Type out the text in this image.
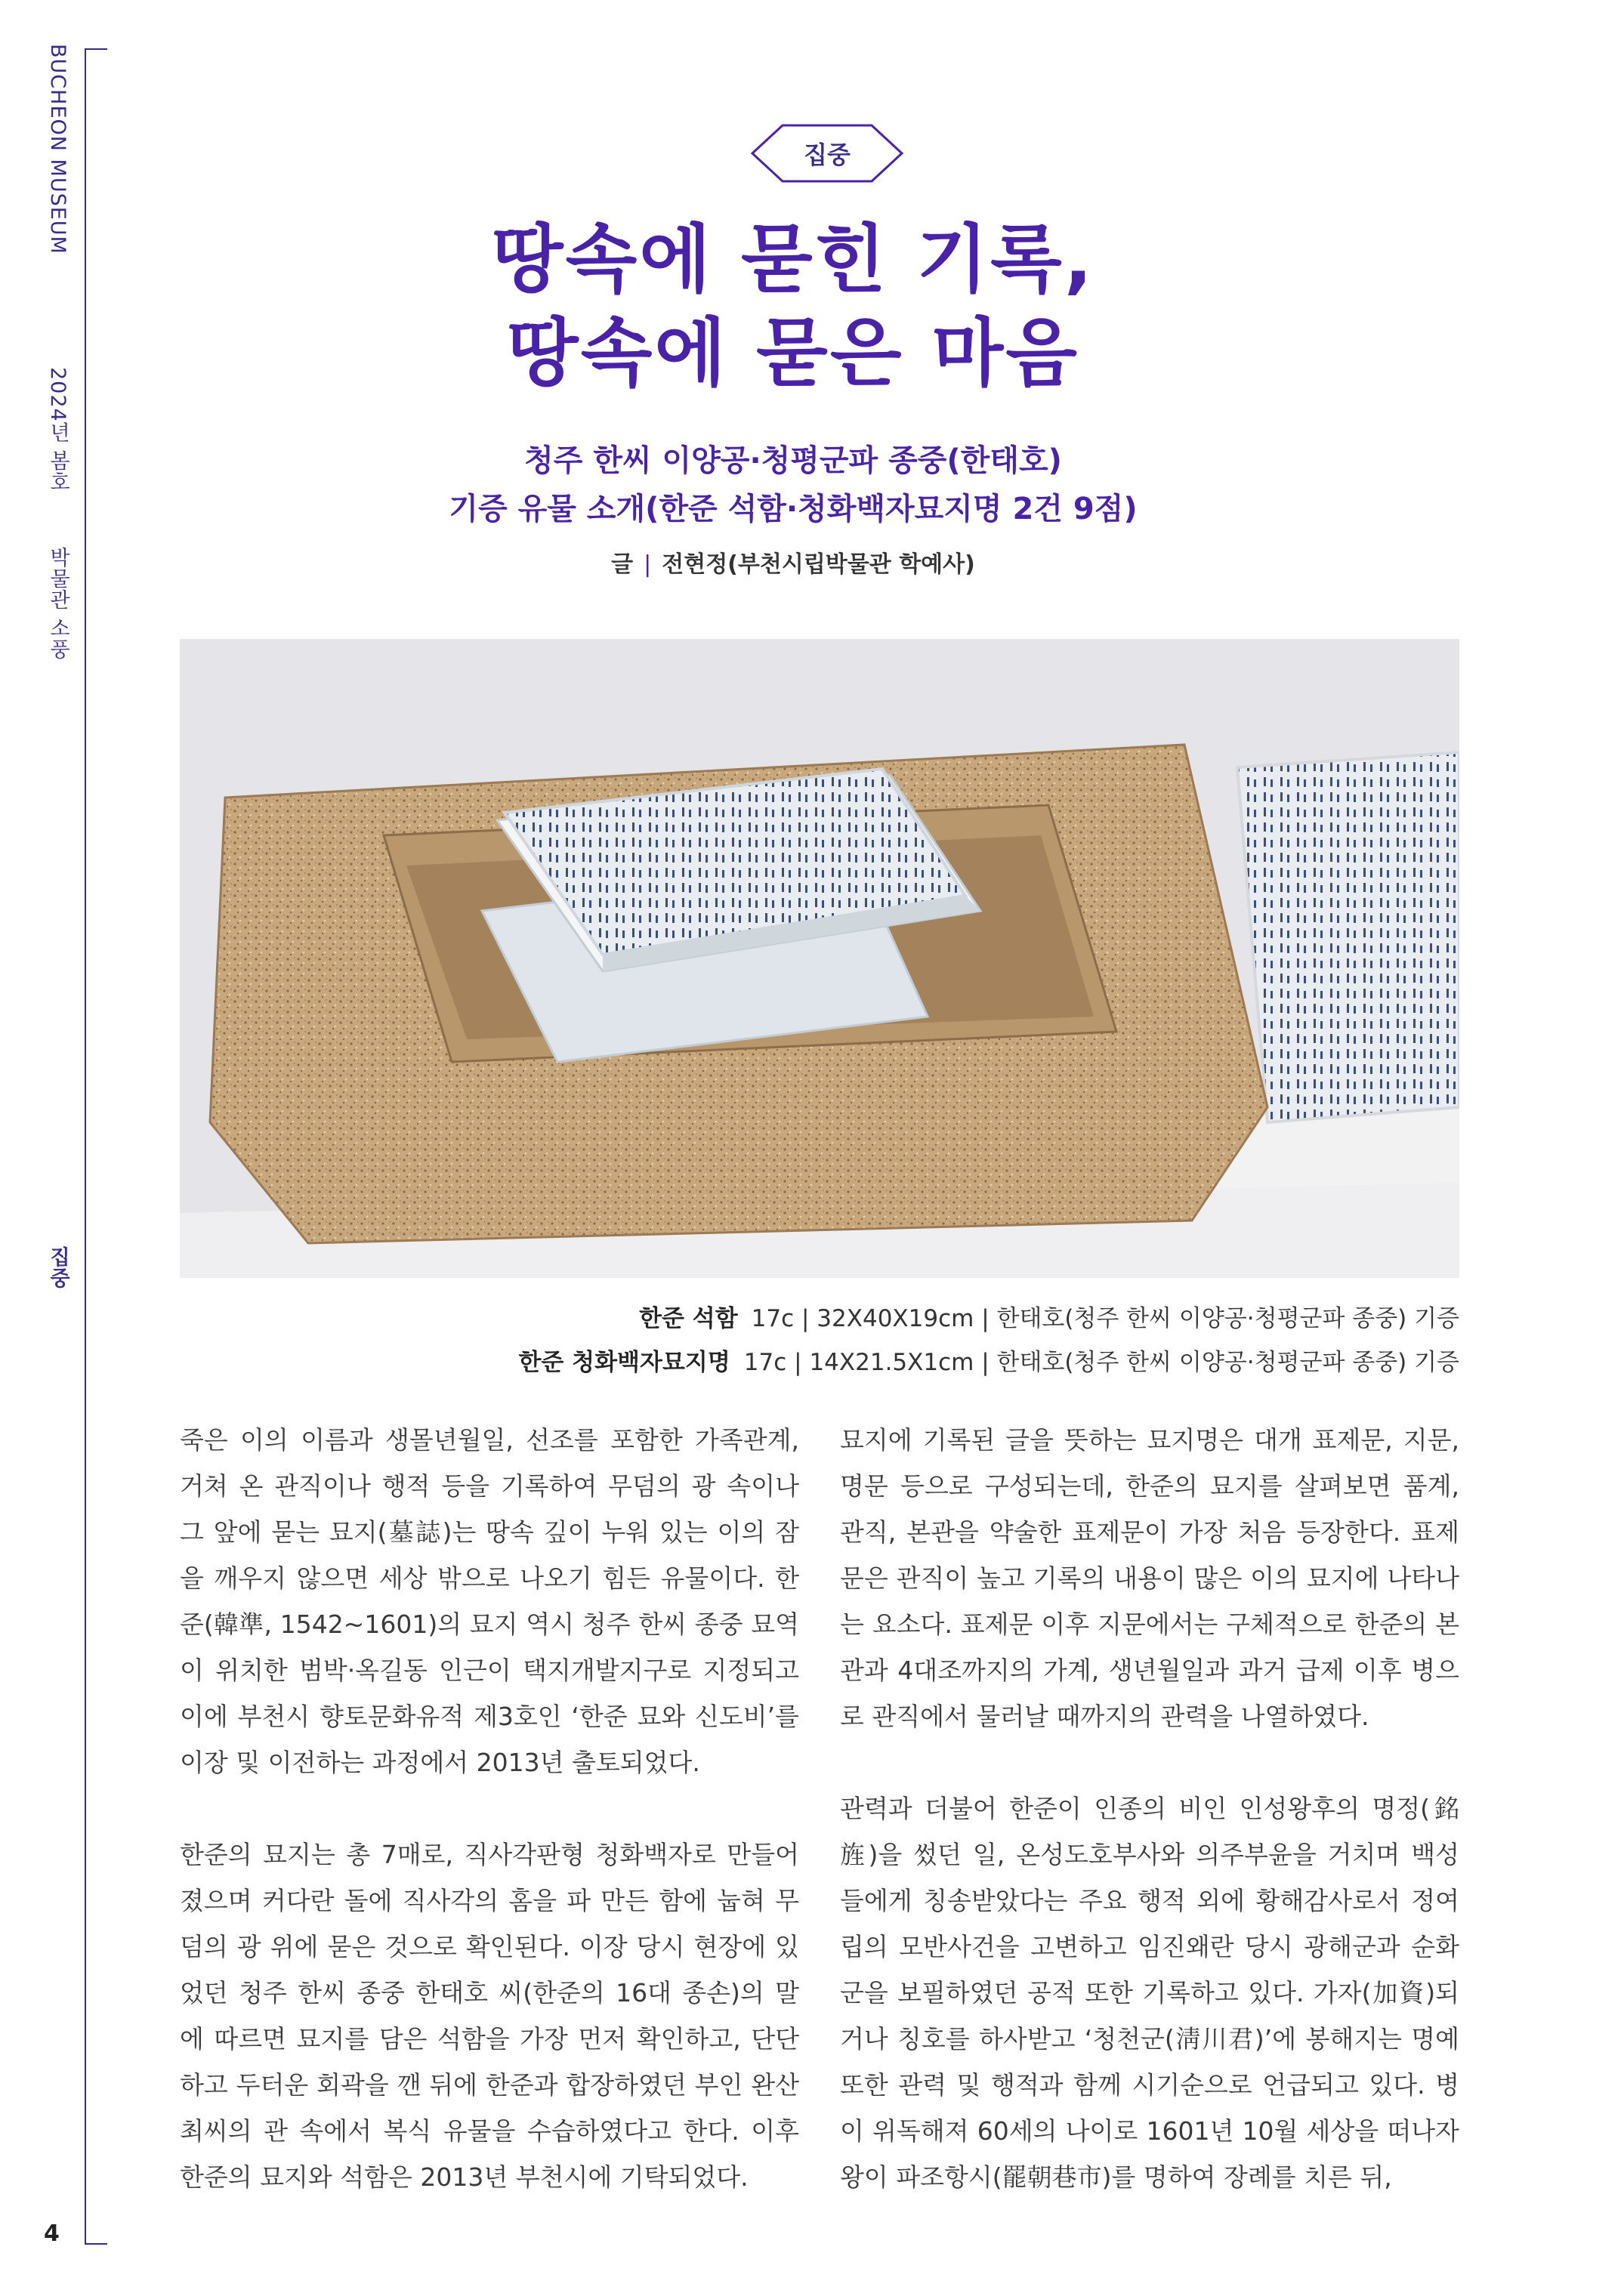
BUCHEON MUSEUM
2024년 봄호
박물관 소풍
집중
4
집중
땅속에 묻힌 기록,
땅속에 묻은 마음
청주 한씨 이양공·청평군파 종중(한태호)
기증 유물 소개(한준 석함·청화백자묘지명 2건 9점)
글 | 전현정(부천시립박물관 학예사)
한준 석함 17c | 32X40X19cm | 한태호(청주 한씨 이양공·청평군파 종중) 기증
한준 청화백자묘지명 17c | 14X21.5X1cm | 한태호(청주 한씨 이양공·청평군파 종중) 기증

죽은 이의 이름과 생몰년월일, 선조를 포함한 가족관계, 거쳐 온 관직이나 행적 등을 기록하여 무덤의 광 속이나 그 앞에 묻는 묘지(墓誌)는 땅속 깊이 누워 있는 이의 잠을 깨우지 않으면 세상 밖으로 나오기 힘든 유물이다. 한준(韓準, 1542~1601)의 묘지 역시 청주 한씨 종중 묘역이 위치한 범박·옥길동 인근이 택지개발지구로 지정되고 이에 부천시 향토문화유적 제3호인 ‘한준 묘와 신도비’를 이장 및 이전하는 과정에서 2013년 출토되었다.

한준의 묘지는 총 7매로, 직사각판형 청화백자로 만들어졌으며 커다란 돌에 직사각의 홈을 파 만든 함에 눕혀 무덤의 광 위에 묻은 것으로 확인된다. 이장 당시 현장에 있었던 청주 한씨 종중 한태호 씨(한준의 16대 종손)의 말에 따르면 묘지를 담은 석함을 가장 먼저 확인하고, 단단하고 두터운 회곽을 깬 뒤에 한준과 합장하였던 부인 완산 최씨의 관 속에서 복식 유물을 수습하였다고 한다. 이후 한준의 묘지와 석함은 2013년 부천시에 기탁되었다.

묘지에 기록된 글을 뜻하는 묘지명은 대개 표제문, 지문, 명문 등으로 구성되는데, 한준의 묘지를 살펴보면 품계, 관직, 본관을 약술한 표제문이 가장 처음 등장한다. 표제문은 관직이 높고 기록의 내용이 많은 이의 묘지에 나타나는 요소다. 표제문 이후 지문에서는 구체적으로 한준의 본관과 4대조까지의 가계, 생년월일과 과거 급제 이후 병으로 관직에서 물러날 때까지의 관력을 나열하였다.

관력과 더불어 한준이 인종의 비인 인성왕후의 명정(銘旌)을 썼던 일, 온성도호부사와 의주부윤을 거치며 백성들에게 칭송받았다는 주요 행적 외에 황해감사로서 정여립의 모반사건을 고변하고 임진왜란 당시 광해군과 순화군을 보필하였던 공적 또한 기록하고 있다. 가자(加資)되거나 칭호를 하사받고 ‘청천군(淸川君)’에 봉해지는 명예 또한 관력 및 행적과 함께 시기순으로 언급되고 있다. 병이 위독해져 60세의 나이로 1601년 10월 세상을 떠나자 왕이 파조항시(罷朝巷市)를 명하여 장례를 치른 뒤,
